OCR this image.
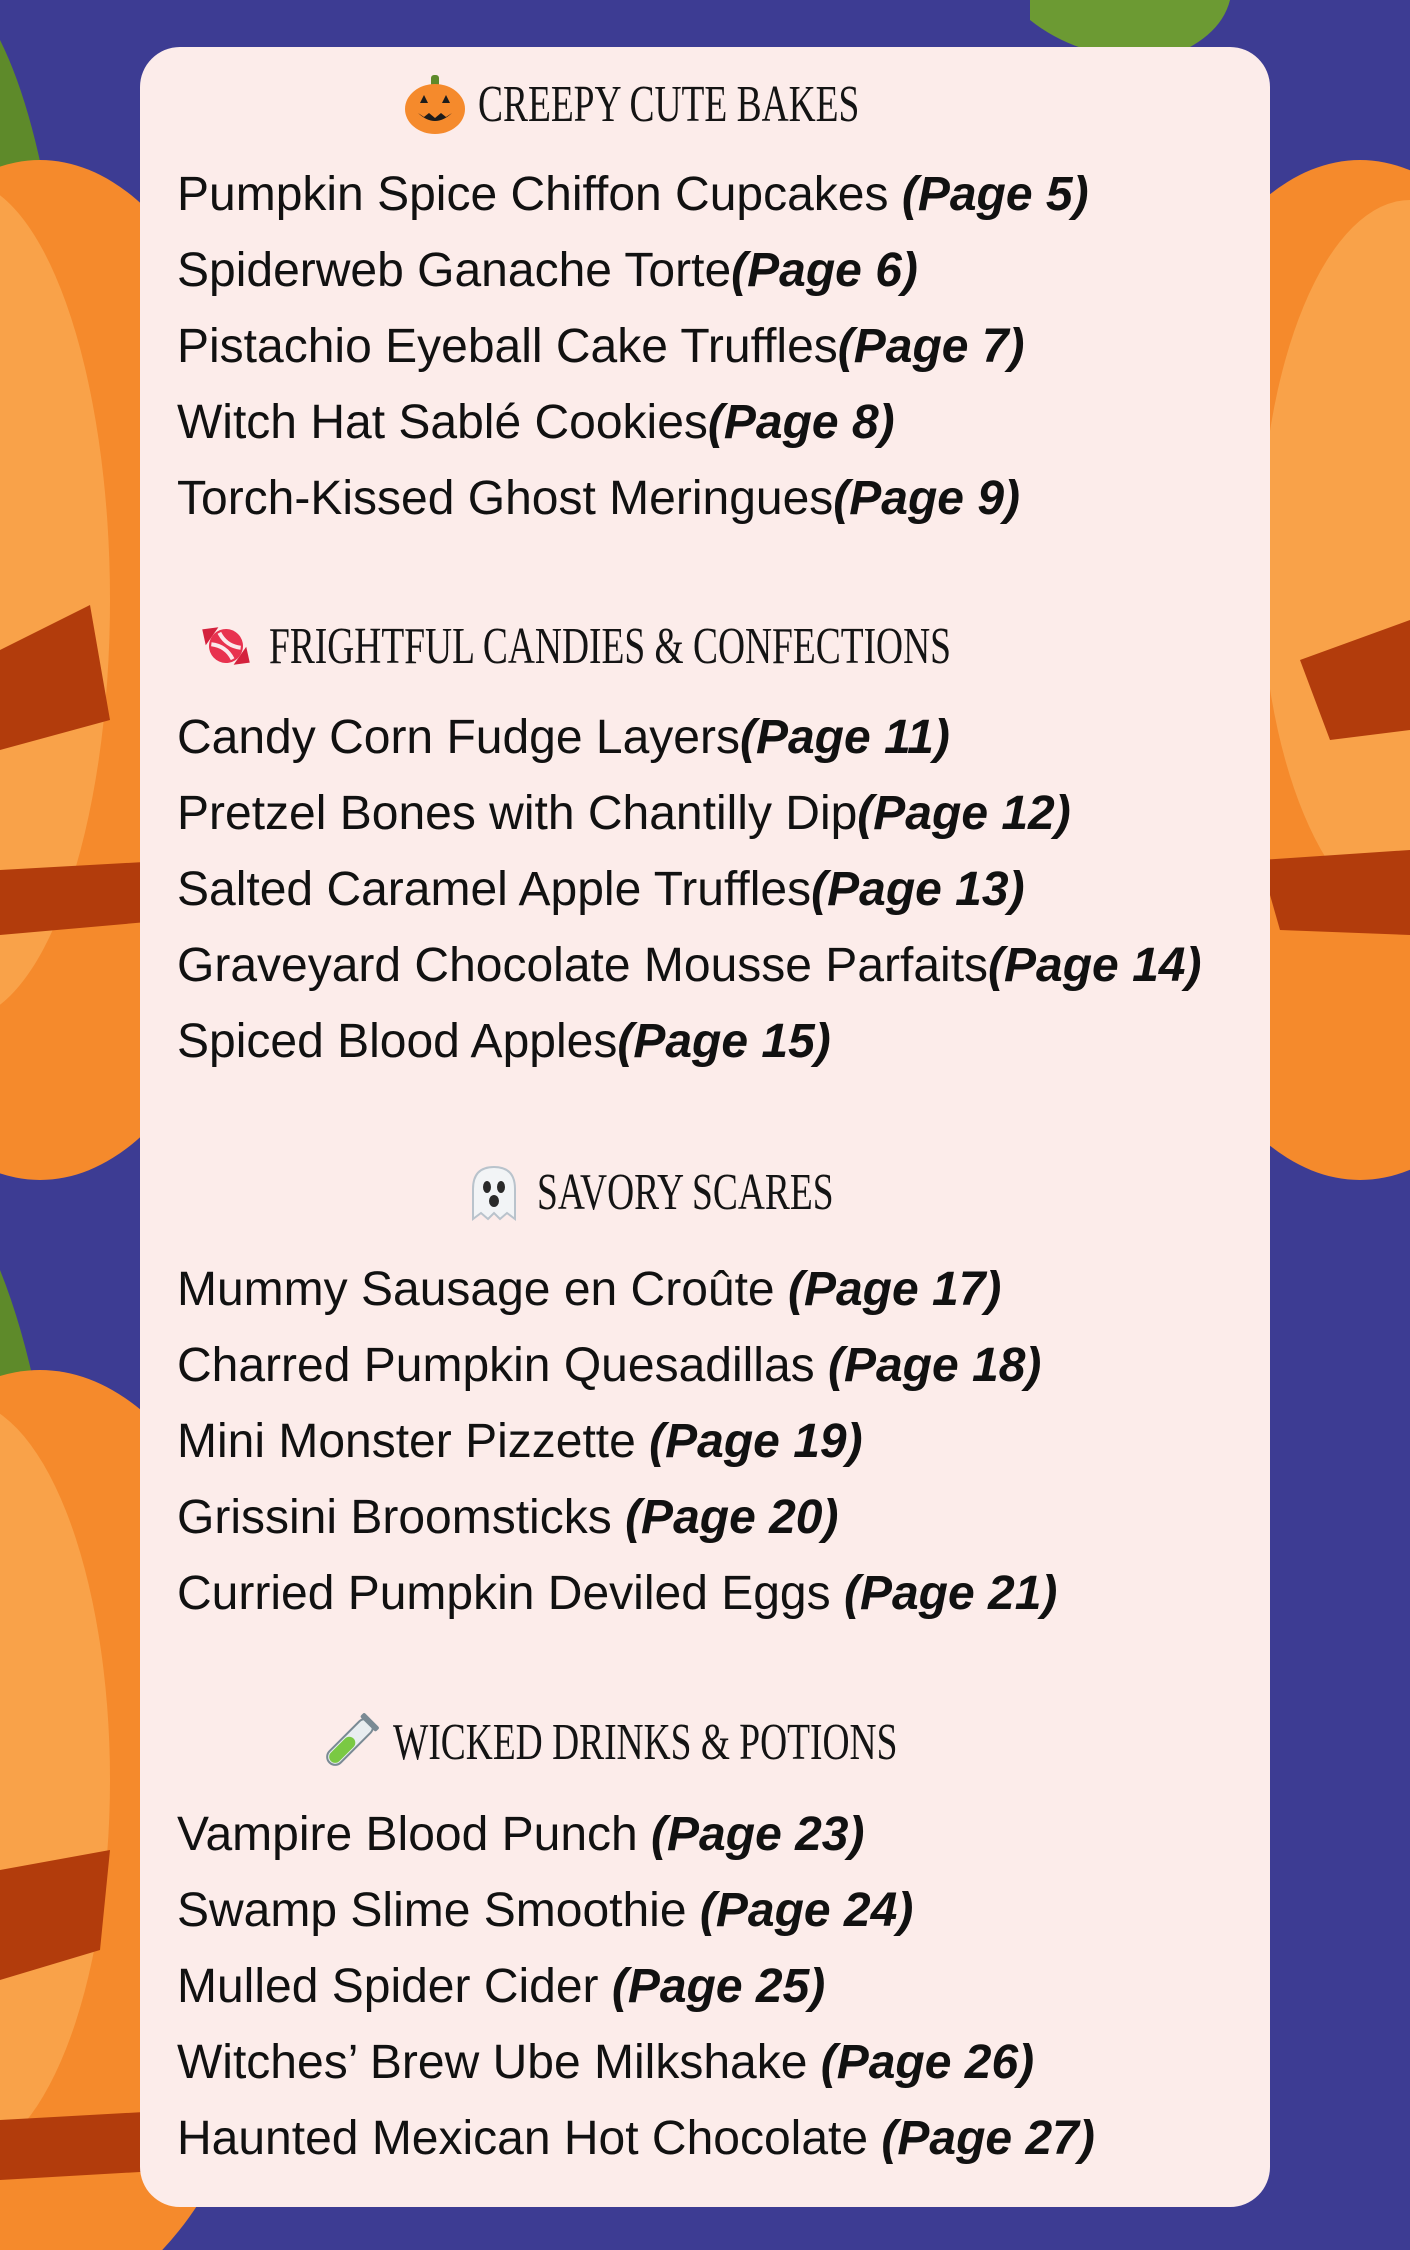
CREEPY CUTE BAKES
Pumpkin Spice Chiffon Cupcakes (Page 5)
Spiderweb Ganache Torte(Page 6)
Pistachio Eyeball Cake Truffles(Page 7)
Witch Hat Sablé Cookies(Page 8)
Torch-Kissed Ghost Meringues(Page 9)
FRIGHTFUL CANDIES & CONFECTIONS
Candy Corn Fudge Layers(Page 11)
Pretzel Bones with Chantilly Dip(Page 12)
Salted Caramel Apple Truffles(Page 13)
Graveyard Chocolate Mousse Parfaits(Page 14)
Spiced Blood Apples(Page 15)
SAVORY SCARES
Mummy Sausage en Croûte (Page 17)
Charred Pumpkin Quesadillas (Page 18)
Mini Monster Pizzette (Page 19)
Grissini Broomsticks (Page 20)
Curried Pumpkin Deviled Eggs (Page 21)
WICKED DRINKS & POTIONS
Vampire Blood Punch (Page 23)
Swamp Slime Smoothie (Page 24)
Mulled Spider Cider (Page 25)
Witches’ Brew Ube Milkshake (Page 26)
Haunted Mexican Hot Chocolate (Page 27)
